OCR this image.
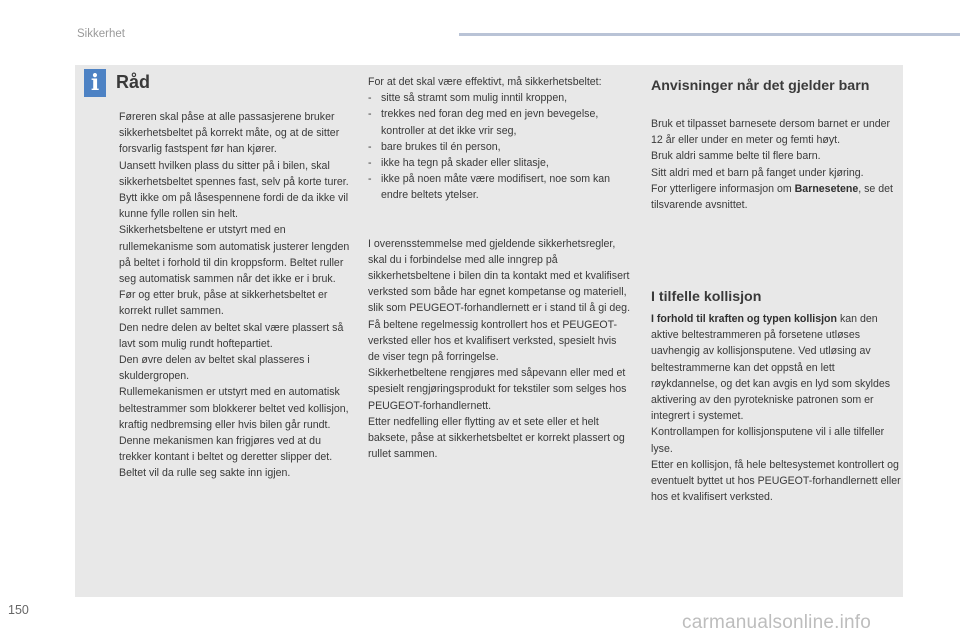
Sikkerhet
i Råd

Føreren skal påse at alle passasjerene bruker sikkerhetsbeltet på korrekt måte, og at de sitter forsvarlig fastspent før han kjører.

Uansett hvilken plass du sitter på i bilen, skal sikkerhetsbeltet spennes fast, selv på korte turer.

Bytt ikke om på låsespennene fordi de da ikke vil kunne fylle rollen sin helt.

Sikkerhetsbeltene er utstyrt med en rullemekanisme som automatisk justerer lengden på beltet i forhold til din kroppsform. Beltet ruller seg automatisk sammen når det ikke er i bruk.

Før og etter bruk, påse at sikkerhetsbeltet er korrekt rullet sammen.

Den nedre delen av beltet skal være plassert så lavt som mulig rundt hoftepartiet.

Den øvre delen av beltet skal plasseres i skuldergropen.

Rullemekanismen er utstyrt med en automatisk beltestrammer som blokkerer beltet ved kollisjon, kraftig nedbremsing eller hvis bilen går rundt. Denne mekanismen kan frigjøres ved at du trekker kontant i beltet og deretter slipper det. Beltet vil da rulle seg sakte inn igjen.

For at det skal være effektivt, må sikkerhetsbeltet:

- sitte så stramt som mulig inntil kroppen,
- trekkes ned foran deg med en jevn bevegelse, kontroller at det ikke vrir seg,
- bare brukes til én person,
- ikke ha tegn på skader eller slitasje,
- ikke på noen måte være modifisert, noe som kan endre beltets ytelser.

I overensstemmelse med gjeldende sikkerhetsregler, skal du i forbindelse med alle inngrep på sikkerhetsbeltene i bilen din ta kontakt med et kvalifisert verksted som både har egnet kompetanse og materiell, slik som PEUGEOT-forhandlernett er i stand til å gi deg.

Få beltene regelmessig kontrollert hos et PEUGEOT-verksted eller hos et kvalifisert verksted, spesielt hvis de viser tegn på forringelse.

Sikkerhetbeltene rengjøres med såpevann eller med et spesielt rengjøringsprodukt for tekstiler som selges hos PEUGEOT-forhandlernett.

Etter nedfelling eller flytting av et sete eller et helt baksete, påse at sikkerhetsbeltet er korrekt plassert og rullet sammen.

Anvisninger når det gjelder barn

Bruk et tilpasset barnesete dersom barnet er under 12 år eller under en meter og femti høyt.

Bruk aldri samme belte til flere barn.

Sitt aldri med et barn på fanget under kjøring.

For ytterligere informasjon om Barnesetene, se det tilsvarende avsnittet.

I tilfelle kollisjon

I forhold til kraften og typen kollisjon kan den aktive beltestrammeren på forsetene utløses uavhengig av kollisjonsputene. Ved utløsing av beltestrammerne kan det oppstå en lett røykdannelse, og det kan avgis en lyd som skyldes aktivering av den pyrotekniske patronen som er integrert i systemet.

Kontrollampen for kollisjonsputene vil i alle tilfeller lyse.

Etter en kollisjon, få hele beltesystemet kontrollert og eventuelt byttet ut hos PEUGEOT-forhandlernett eller hos et kvalifisert verksted.

150
carmanualsonline.info
